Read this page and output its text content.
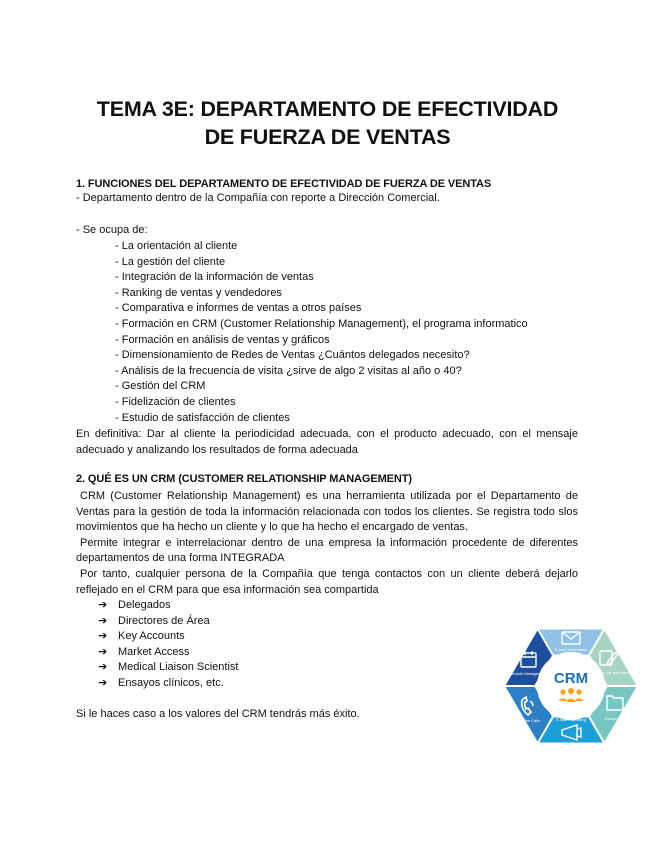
TEMA 3E: DEPARTAMENTO DE EFECTIVIDAD
DE FUERZA DE VENTAS
1. FUNCIONES DEL DEPARTAMENTO DE EFECTIVIDAD DE FUERZA DE VENTAS
- Departamento dentro de la Compañía con reporte a Dirección Comercial.
- Se ocupa de:
- La orientación al cliente
- La gestión del cliente
- Integración de la información de ventas
- Ranking de ventas y vendedores
- Comparativa e informes de ventas a otros países
- Formación en CRM (Customer Relationship Management), el programa informatico
- Formación en análisis de ventas y gráficos
- Dimensionamiento de Redes de Ventas ¿Cuántos delegados necesito?
- Análisis de la frecuencia de visita ¿sirve de algo 2 visitas al año o 40?
- Gestión del CRM
- Fidelización de clientes
- Estudio de satisfacción de clientes

En definitiva: Dar al cliente la periodicidad adecuada, con el producto adecuado, con el mensaje adecuado y analizando los resultados de forma adecuada

2. QUÉ ES UN CRM (CUSTOMER RELATIONSHIP MANAGEMENT)

CRM (Customer Relationship Management) es una herramienta utilizada por el Departamento de Ventas para la gestión de toda la información relacionada con todos los clientes. Se registra todo slos movimientos que ha hecho un cliente y lo que ha hecho el encargado de ventas.

Permite integrar e interrelacionar dentro de una empresa la información procedente de diferentes departamentos de una forma INTEGRADA

Por tanto, cualquier persona de la Compañía que tenga contactos con un cliente deberá dejarlo reflejado en el CRM para que esa información sea compartida

➔ Delegados
➔ Directores de Área
➔ Key Accounts
➔ Market Access
➔ Medical Liaison Scientist
➔ Ensayos clínicos, etc.
Si le haces caso a los valores del CRM tendrás más éxito.
CRM
E-mail Automation
Follow up and Reports
Documents
E-mail Marketing
Sales Calls
Schedule Management
